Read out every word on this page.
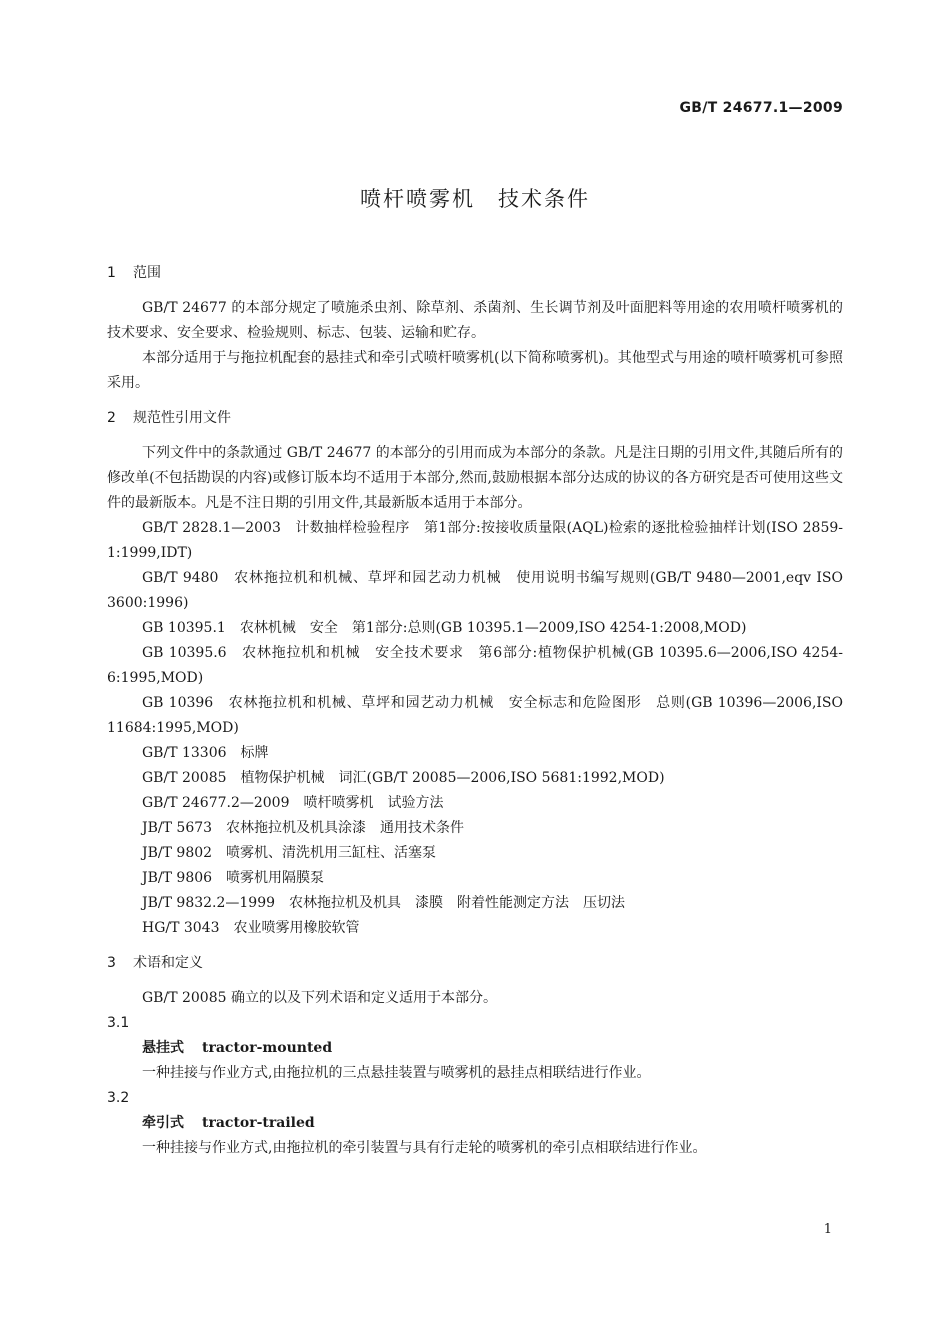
GB/T 24677.1—2009
喷杆喷雾机　技术条件
1 范围

GB/T 24677 的本部分规定了喷施杀虫剂、除草剂、杀菌剂、生长调节剂及叶面肥料等用途的农用喷杆喷雾机的技术要求、安全要求、检验规则、标志、包装、运输和贮存。

本部分适用于与拖拉机配套的悬挂式和牵引式喷杆喷雾机(以下简称喷雾机)。其他型式与用途的喷杆喷雾机可参照采用。

2 规范性引用文件

下列文件中的条款通过 GB/T 24677 的本部分的引用而成为本部分的条款。凡是注日期的引用文件,其随后所有的修改单(不包括勘误的内容)或修订版本均不适用于本部分,然而,鼓励根据本部分达成的协议的各方研究是否可使用这些文件的最新版本。凡是不注日期的引用文件,其最新版本适用于本部分。

GB/T 2828.1—2003　计数抽样检验程序　第1部分:按接收质量限(AQL)检索的逐批检验抽样计划(ISO 2859-1:1999,IDT)

GB/T 9480　农林拖拉机和机械、草坪和园艺动力机械　使用说明书编写规则(GB/T 9480—2001,eqv ISO 3600:1996)

GB 10395.1　农林机械　安全　第1部分:总则(GB 10395.1—2009,ISO 4254-1:2008,MOD)

GB 10395.6　农林拖拉机和机械　安全技术要求　第6部分:植物保护机械(GB 10395.6—2006,ISO 4254-6:1995,MOD)

GB 10396　农林拖拉机和机械、草坪和园艺动力机械　安全标志和危险图形　总则(GB 10396—2006,ISO 11684:1995,MOD)

GB/T 13306　标牌

GB/T 20085　植物保护机械　词汇(GB/T 20085—2006,ISO 5681:1992,MOD)

GB/T 24677.2—2009　喷杆喷雾机　试验方法

JB/T 5673　农林拖拉机及机具涂漆　通用技术条件

JB/T 9802　喷雾机、清洗机用三缸柱、活塞泵

JB/T 9806　喷雾机用隔膜泵

JB/T 9832.2—1999　农林拖拉机及机具　漆膜　附着性能测定方法　压切法

HG/T 3043　农业喷雾用橡胶软管

3 术语和定义

GB/T 20085 确立的以及下列术语和定义适用于本部分。

3.1

悬挂式 tractor-mounted

一种挂接与作业方式,由拖拉机的三点悬挂装置与喷雾机的悬挂点相联结进行作业。

3.2

牵引式 tractor-trailed

一种挂接与作业方式,由拖拉机的牵引装置与具有行走轮的喷雾机的牵引点相联结进行作业。

1
